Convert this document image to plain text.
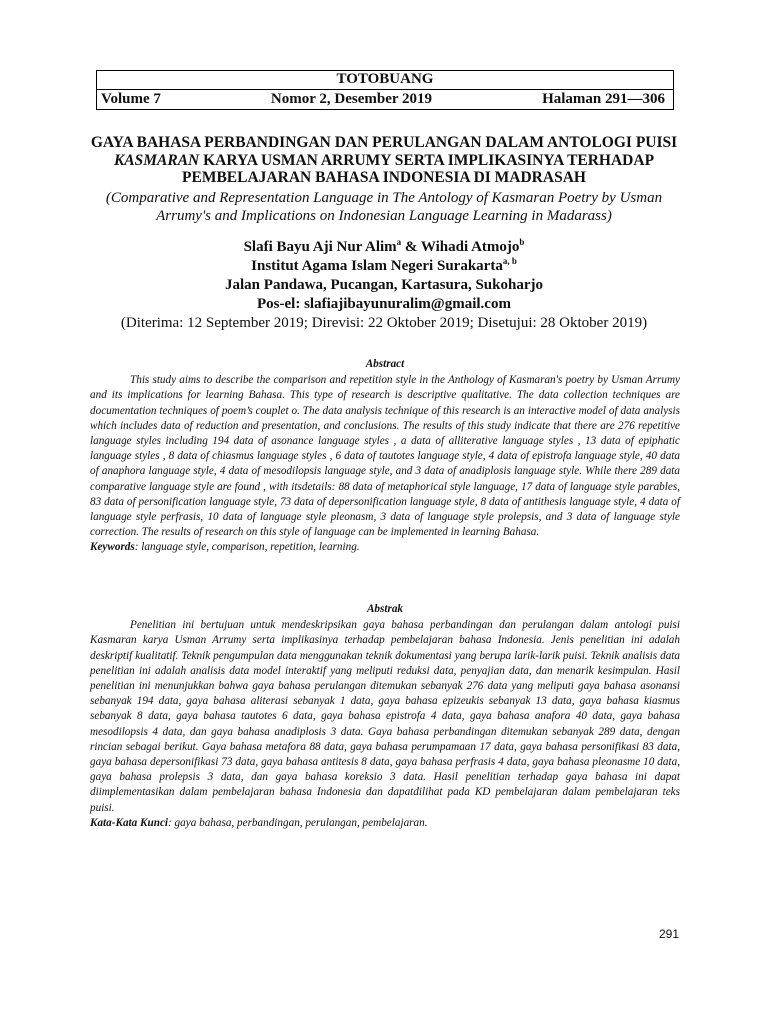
TOTOBUANG
Volume 7	Nomor 2, Desember 2019	Halaman 291—306
GAYA BAHASA PERBANDINGAN DAN PERULANGAN DALAM ANTOLOGI PUISI
KASMARAN KARYA USMAN ARRUMY SERTA IMPLIKASINYA TERHADAP
PEMBELAJARAN BAHASA INDONESIA DI MADRASAH
(Comparative and Representation Language in The Antology of Kasmaran Poetry by Usman
Arrumy's and Implications on Indonesian Language Learning in Madarass)
Slafi Bayu Aji Nur Alim$^a$ & Wihadi Atmojo$^b$
Institut Agama Islam Negeri Surakarta$^{a, b}$
Jalan Pandawa, Pucangan, Kartasura, Sukoharjo
Pos-el: slafiajibayunuralim@gmail.com
(Diterima: 12 September 2019; Direvisi: 22 Oktober 2019; Disetujui: 28 Oktober 2019)
Abstract
This study aims to describe the comparison and repetition style in the Anthology of Kasmaran's poetry by Usman Arrumy and its implications for learning Bahasa. This type of research is descriptive qualitative. The data collection techniques are documentation techniques of poem’s couplet o. The data analysis technique of this research is an interactive model of data analysis which includes data of reduction and presentation, and conclusions. The results of this study indicate that there are 276 repetitive language styles including 194 data of asonance language styles , a data of alliterative language styles , 13 data of epiphatic language styles , 8 data of chiasmus language styles , 6 data of tautotes language style, 4 data of epistrofa language style, 40 data of anaphora language style, 4 data of mesodilopsis language style, and 3 data of anadiplosis language style. While there 289 data comparative language style are found , with itsdetails: 88 data of metaphorical style language, 17 data of language style parables, 83 data of personification language style, 73 data of depersonification language style, 8 data of antithesis language style, 4 data of language style perfrasis, 10 data of language style pleonasm, 3 data of language style prolepsis, and 3 data of language style correction. The results of research on this style of language can be implemented in learning Bahasa.
Keywords: language style, comparison, repetition, learning.
Abstrak
Penelitian ini bertujuan untuk mendeskripsikan gaya bahasa perbandingan dan perulangan dalam antologi puisi Kasmaran karya Usman Arrumy serta implikasinya terhadap pembelajaran bahasa Indonesia. Jenis penelitian ini adalah deskriptif kualitatif. Teknik pengumpulan data menggunakan teknik dokumentasi yang berupa larik-larik puisi. Teknik analisis data penelitian ini adalah analisis data model interaktif yang meliputi reduksi data, penyajian data, dan menarik kesimpulan. Hasil penelitian ini menunjukkan bahwa gaya bahasa perulangan ditemukan sebanyak 276 data yang meliputi gaya bahasa asonansi sebanyak 194 data, gaya bahasa aliterasi sebanyak 1 data, gaya bahasa epizeukis sebanyak 13 data, gaya bahasa kiasmus sebanyak 8 data, gaya bahasa tautotes 6 data, gaya bahasa epistrofa 4 data, gaya bahasa anafora 40 data, gaya bahasa mesodilopsis 4 data, dan gaya bahasa anadiplosis 3 data. Gaya bahasa perbandingan ditemukan sebanyak 289 data, dengan rincian sebagai berikut. Gaya bahasa metafora 88 data, gaya bahasa perumpamaan 17 data, gaya bahasa personifikasi 83 data, gaya bahasa depersonifikasi 73 data, gaya bahasa antitesis 8 data, gaya bahasa perfrasis 4 data, gaya bahasa pleonasme 10 data, gaya bahasa prolepsis 3 data, dan gaya bahasa koreksio 3 data. Hasil penelitian terhadap gaya bahasa ini dapat diimplementasikan dalam pembelajaran bahasa Indonesia dan dapatdilihat pada KD pembelajaran dalam pembelajaran teks puisi.
Kata-Kata Kunci: gaya bahasa, perbandingan, perulangan, pembelajaran.
291
